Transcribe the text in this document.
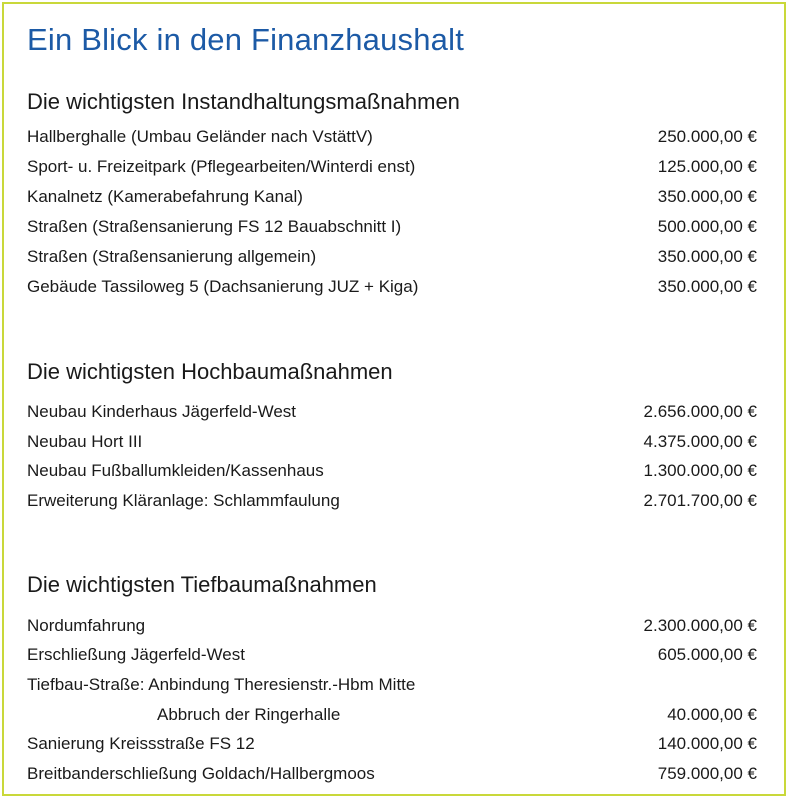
Ein Blick in den Finanzhaushalt
Die wichtigsten Instandhaltungsmaßnahmen
Hallberghalle (Umbau Geländer nach VstättV)	250.000,00 €
Sport- u. Freizeitpark (Pflegearbeiten/Winterdi enst)	125.000,00 €
Kanalnetz (Kamerabefahrung Kanal)	350.000,00 €
Straßen (Straßensanierung FS 12 Bauabschnitt I)	500.000,00 €
Straßen (Straßensanierung allgemein)	350.000,00 €
Gebäude Tassiloweg 5 (Dachsanierung JUZ + Kiga)	350.000,00 €
Die wichtigsten Hochbaumaßnahmen
Neubau Kinderhaus Jägerfeld-West	2.656.000,00 €
Neubau Hort III	4.375.000,00 €
Neubau Fußballumkleiden/Kassenhaus	1.300.000,00 €
Erweiterung Kläranlage: Schlammfaulung	2.701.700,00 €
Die wichtigsten Tiefbaumaßnahmen
Nordumfahrung	2.300.000,00 €
Erschließung Jägerfeld-West	605.000,00 €
Tiefbau-Straße: Anbindung Theresienstr.-Hbm Mitte
Abbruch der Ringerhalle	40.000,00 €
Sanierung Kreissstraße FS 12	140.000,00 €
Breitbanderschließung Goldach/Hallbergmoos	759.000,00 €
